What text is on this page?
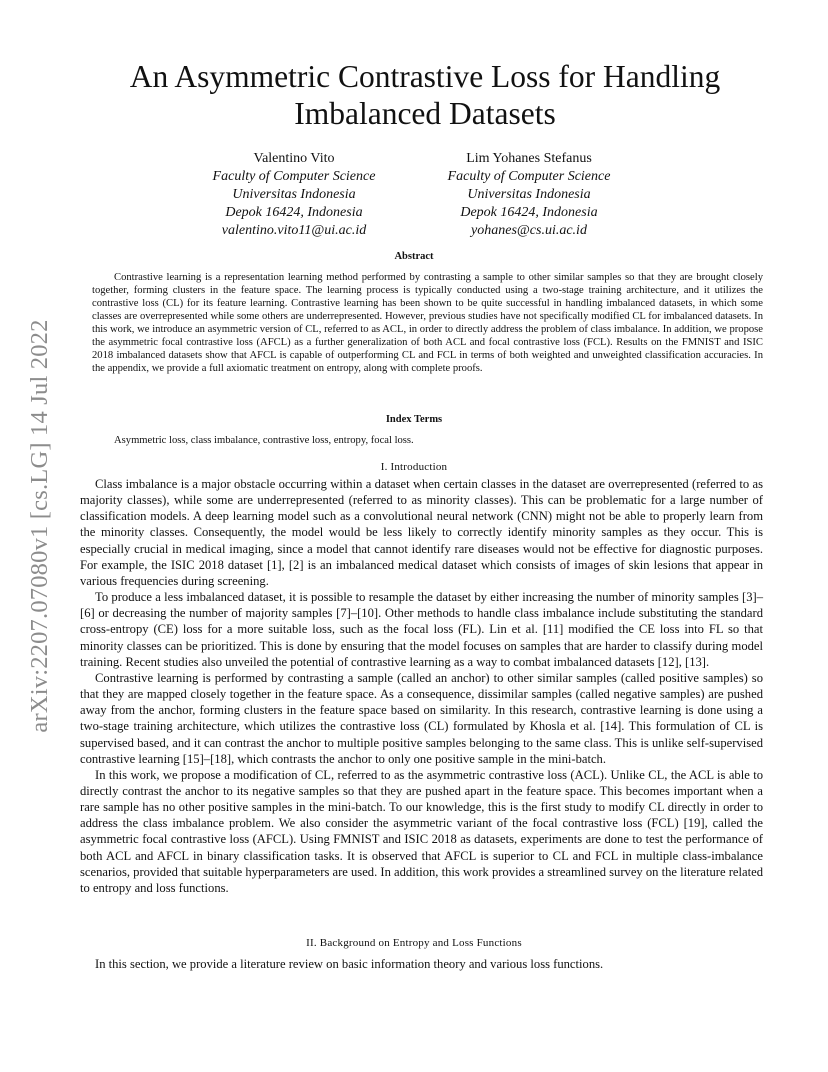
arXiv:2207.07080v1 [cs.LG] 14 Jul 2022
An Asymmetric Contrastive Loss for Handling
Imbalanced Datasets
Valentino Vito
Faculty of Computer Science
Universitas Indonesia
Depok 16424, Indonesia
valentino.vito11@ui.ac.id
Lim Yohanes Stefanus
Faculty of Computer Science
Universitas Indonesia
Depok 16424, Indonesia
yohanes@cs.ui.ac.id
Abstract
Contrastive learning is a representation learning method performed by contrasting a sample to other similar samples so that they are brought closely together, forming clusters in the feature space. The learning process is typically conducted using a two-stage training architecture, and it utilizes the contrastive loss (CL) for its feature learning. Contrastive learning has been shown to be quite successful in handling imbalanced datasets, in which some classes are overrepresented while some others are underrepresented. However, previous studies have not specifically modified CL for imbalanced datasets. In this work, we introduce an asymmetric version of CL, referred to as ACL, in order to directly address the problem of class imbalance. In addition, we propose the asymmetric focal contrastive loss (AFCL) as a further generalization of both ACL and focal contrastive loss (FCL). Results on the FMNIST and ISIC 2018 imbalanced datasets show that AFCL is capable of outperforming CL and FCL in terms of both weighted and unweighted classification accuracies. In the appendix, we provide a full axiomatic treatment on entropy, along with complete proofs.
Index Terms
Asymmetric loss, class imbalance, contrastive loss, entropy, focal loss.
I. Introduction

Class imbalance is a major obstacle occurring within a dataset when certain classes in the dataset are overrepresented (referred to as majority classes), while some are underrepresented (referred to as minority classes). This can be problematic for a large number of classification models. A deep learning model such as a convolutional neural network (CNN) might not be able to properly learn from the minority classes. Consequently, the model would be less likely to correctly identify minority samples as they occur. This is especially crucial in medical imaging, since a model that cannot identify rare diseases would not be effective for diagnostic purposes. For example, the ISIC 2018 dataset [1], [2] is an imbalanced medical dataset which consists of images of skin lesions that appear in various frequencies during screening.

To produce a less imbalanced dataset, it is possible to resample the dataset by either increasing the number of minority samples [3]–[6] or decreasing the number of majority samples [7]–[10]. Other methods to handle class imbalance include substituting the standard cross-entropy (CE) loss for a more suitable loss, such as the focal loss (FL). Lin et al. [11] modified the CE loss into FL so that minority classes can be prioritized. This is done by ensuring that the model focuses on samples that are harder to classify during model training. Recent studies also unveiled the potential of contrastive learning as a way to combat imbalanced datasets [12], [13].

Contrastive learning is performed by contrasting a sample (called an anchor) to other similar samples (called positive samples) so that they are mapped closely together in the feature space. As a consequence, dissimilar samples (called negative samples) are pushed away from the anchor, forming clusters in the feature space based on similarity. In this research, contrastive learning is done using a two-stage training architecture, which utilizes the contrastive loss (CL) formulated by Khosla et al. [14]. This formulation of CL is supervised based, and it can contrast the anchor to multiple positive samples belonging to the same class. This is unlike self-supervised contrastive learning [15]–[18], which contrasts the anchor to only one positive sample in the mini-batch.

In this work, we propose a modification of CL, referred to as the asymmetric contrastive loss (ACL). Unlike CL, the ACL is able to directly contrast the anchor to its negative samples so that they are pushed apart in the feature space. This becomes important when a rare sample has no other positive samples in the mini-batch. To our knowledge, this is the first study to modify CL directly in order to address the class imbalance problem. We also consider the asymmetric variant of the focal contrastive loss (FCL) [19], called the asymmetric focal contrastive loss (AFCL). Using FMNIST and ISIC 2018 as datasets, experiments are done to test the performance of both ACL and AFCL in binary classification tasks. It is observed that AFCL is superior to CL and FCL in multiple class-imbalance scenarios, provided that suitable hyperparameters are used. In addition, this work provides a streamlined survey on the literature related to entropy and loss functions.

II. Background on Entropy and Loss Functions

In this section, we provide a literature review on basic information theory and various loss functions.
